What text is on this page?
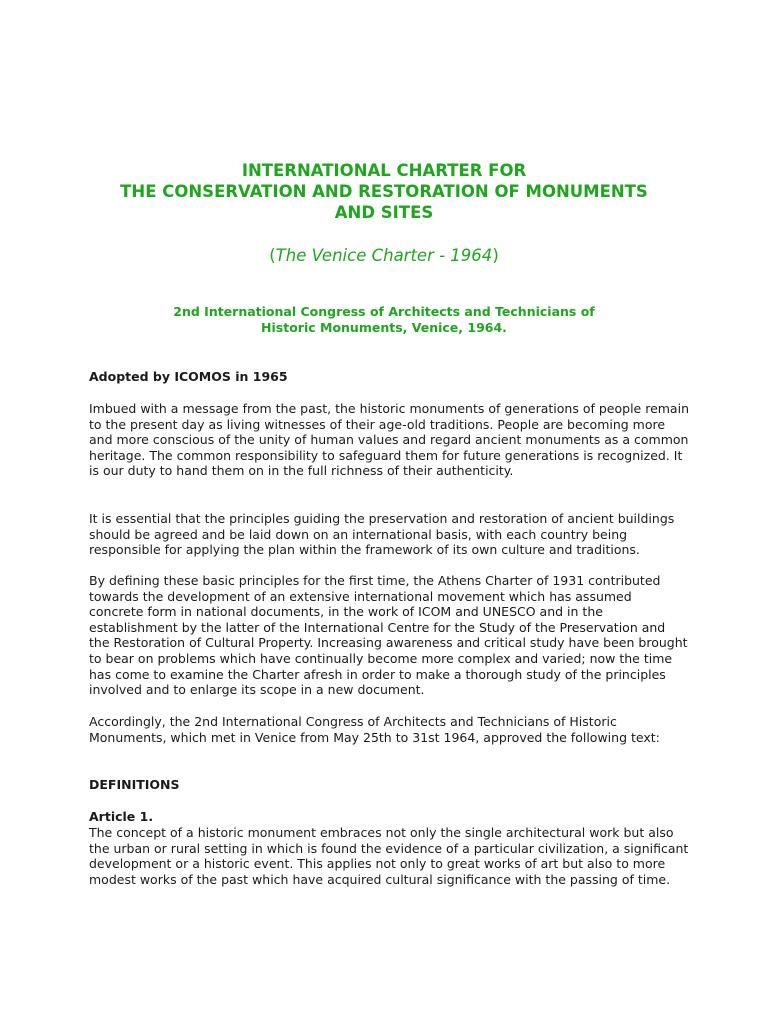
INTERNATIONAL CHARTER FOR
THE CONSERVATION AND RESTORATION OF MONUMENTS
AND SITES

(The Venice Charter - 1964)

2nd International Congress of Architects and Technicians of
Historic Monuments, Venice, 1964.

Adopted by ICOMOS in 1965

Imbued with a message from the past, the historic monuments of generations of people remain to the present day as living witnesses of their age-old traditions. People are becoming more and more conscious of the unity of human values and regard ancient monuments as a common heritage. The common responsibility to safeguard them for future generations is recognized. It is our duty to hand them on in the full richness of their authenticity.

It is essential that the principles guiding the preservation and restoration of ancient buildings should be agreed and be laid down on an international basis, with each country being responsible for applying the plan within the framework of its own culture and traditions.

By defining these basic principles for the first time, the Athens Charter of 1931 contributed towards the development of an extensive international movement which has assumed concrete form in national documents, in the work of ICOM and UNESCO and in the establishment by the latter of the International Centre for the Study of the Preservation and the Restoration of Cultural Property. Increasing awareness and critical study have been brought to bear on problems which have continually become more complex and varied; now the time has come to examine the Charter afresh in order to make a thorough study of the principles involved and to enlarge its scope in a new document.

Accordingly, the 2nd International Congress of Architects and Technicians of Historic Monuments, which met in Venice from May 25th to 31st 1964, approved the following text:

DEFINITIONS

Article 1.

The concept of a historic monument embraces not only the single architectural work but also the urban or rural setting in which is found the evidence of a particular civilization, a significant development or a historic event. This applies not only to great works of art but also to more modest works of the past which have acquired cultural significance with the passing of time.
